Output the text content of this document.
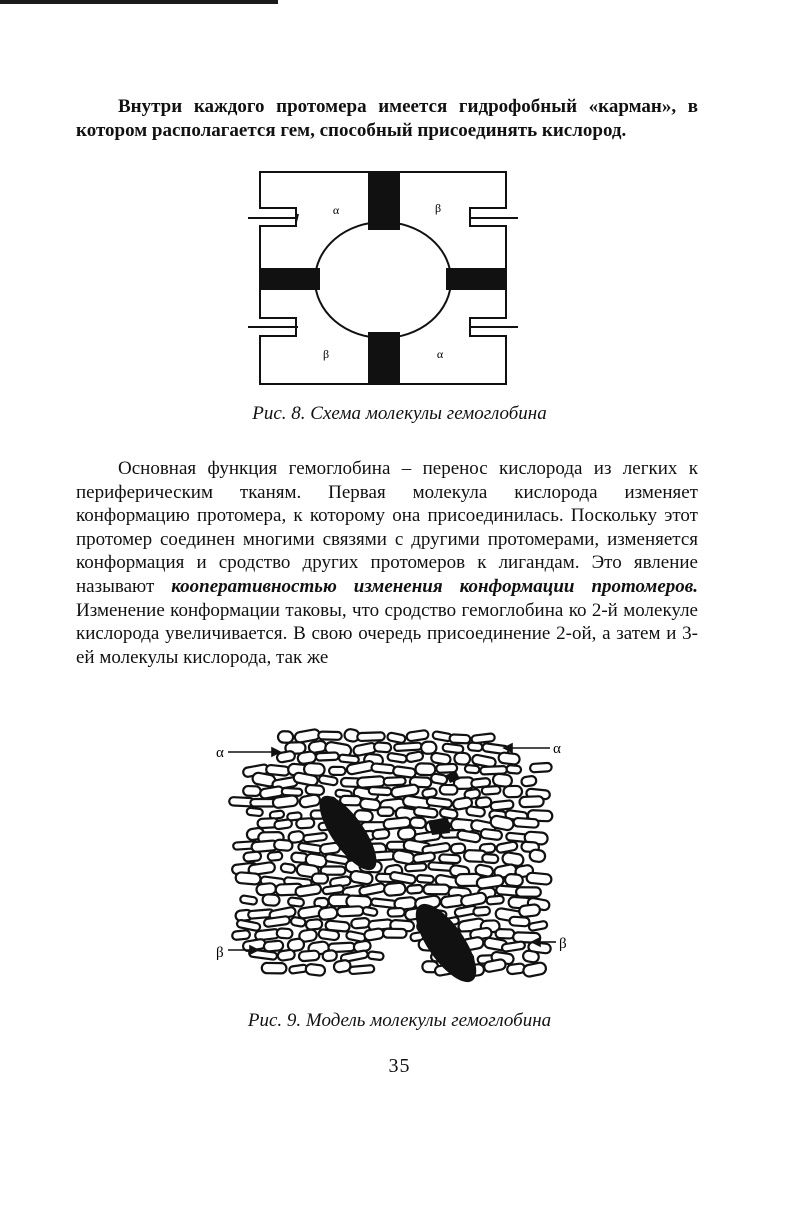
Внутри каждого протомера имеется гидрофобный «карман», в котором располагается гем, способный присоединять кислород.

α	β
β	α

Рис. 8. Схема молекулы гемоглобина

Основная функция гемоглобина – перенос кислорода из легких к периферическим тканям. Первая молекула кислорода изменяет конформацию протомера, к которому она присоединилась. Поскольку этот протомер соединен многими связями с другими протомерами, изменяется конформация и сродство других протомеров к лигандам. Это явление называют кооперативностью изменения конформации протомеров. Изменение конформации таковы, что сродство гемоглобина ко 2-й молекуле кислорода увеличивается. В свою очередь присоединение 2-ой, а затем и 3-ей молекулы кислорода, так же

α	α
β
β

Рис. 9. Модель молекулы гемоглобина

35
